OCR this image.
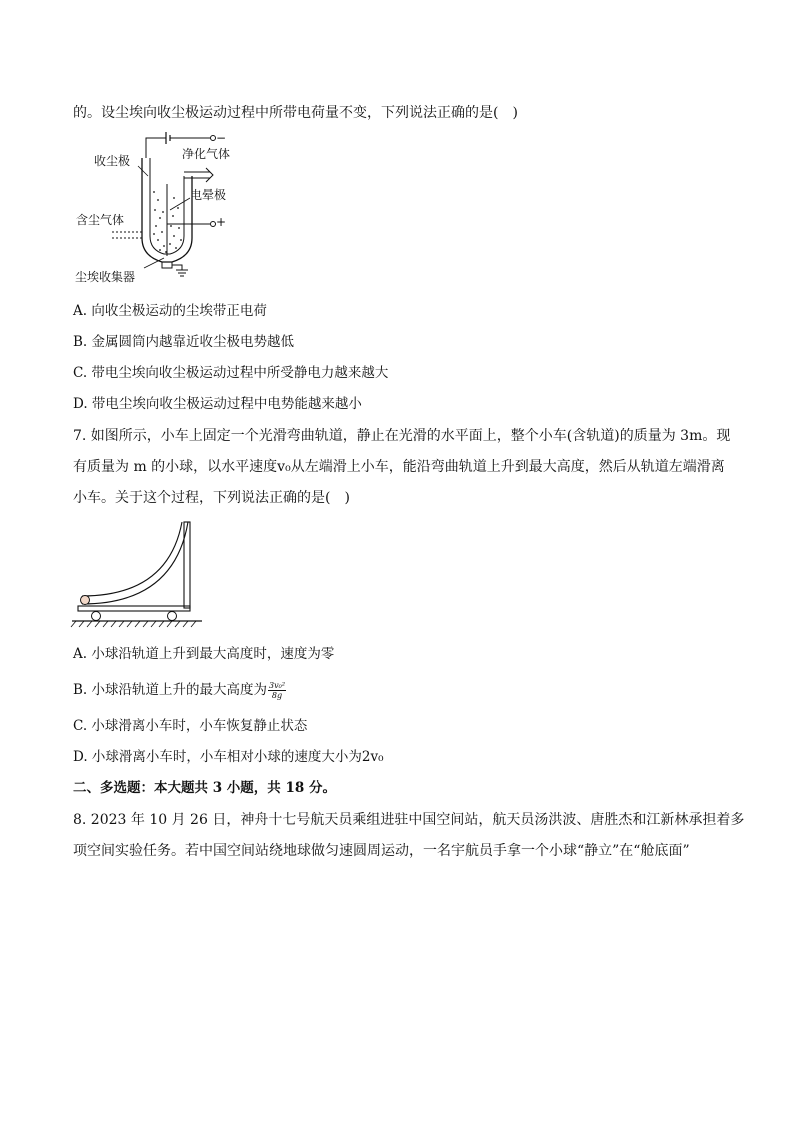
的。设尘埃向收尘极运动过程中所带电荷量不变，下列说法正确的是( )
收尘极	净化气体
−
电晕极
+
含尘气体
尘埃收集器
A. 向收尘极运动的尘埃带正电荷
B. 金属圆筒内越靠近收尘极电势越低
C. 带电尘埃向收尘极运动过程中所受静电力越来越大
D. 带电尘埃向收尘极运动过程中电势能越来越小
7. 如图所示，小车上固定一个光滑弯曲轨道，静止在光滑的水平面上，整个小车(含轨道)的质量为 3m。现
有质量为 m 的小球，以水平速度v₀从左端滑上小车，能沿弯曲轨道上升到最大高度，然后从轨道左端滑离
小车。关于这个过程，下列说法正确的是( )
A. 小球沿轨道上升到最大高度时，速度为零
B. 小球沿轨道上升的最大高度为 $\frac{\text{3v₀²}}{8g}$
C. 小球滑离小车时，小车恢复静止状态
D. 小球滑离小车时，小车相对小球的速度大小为2v₀
二、多选题：本大题共 3 小题，共 18 分。
8. 2023 年 10 月 26 日，神舟十七号航天员乘组进驻中国空间站，航天员汤洪波、唐胜杰和江新林承担着多
项空间实验任务。若中国空间站绕地球做匀速圆周运动，一名宇航员手拿一个小球“静立”在“舱底面”
